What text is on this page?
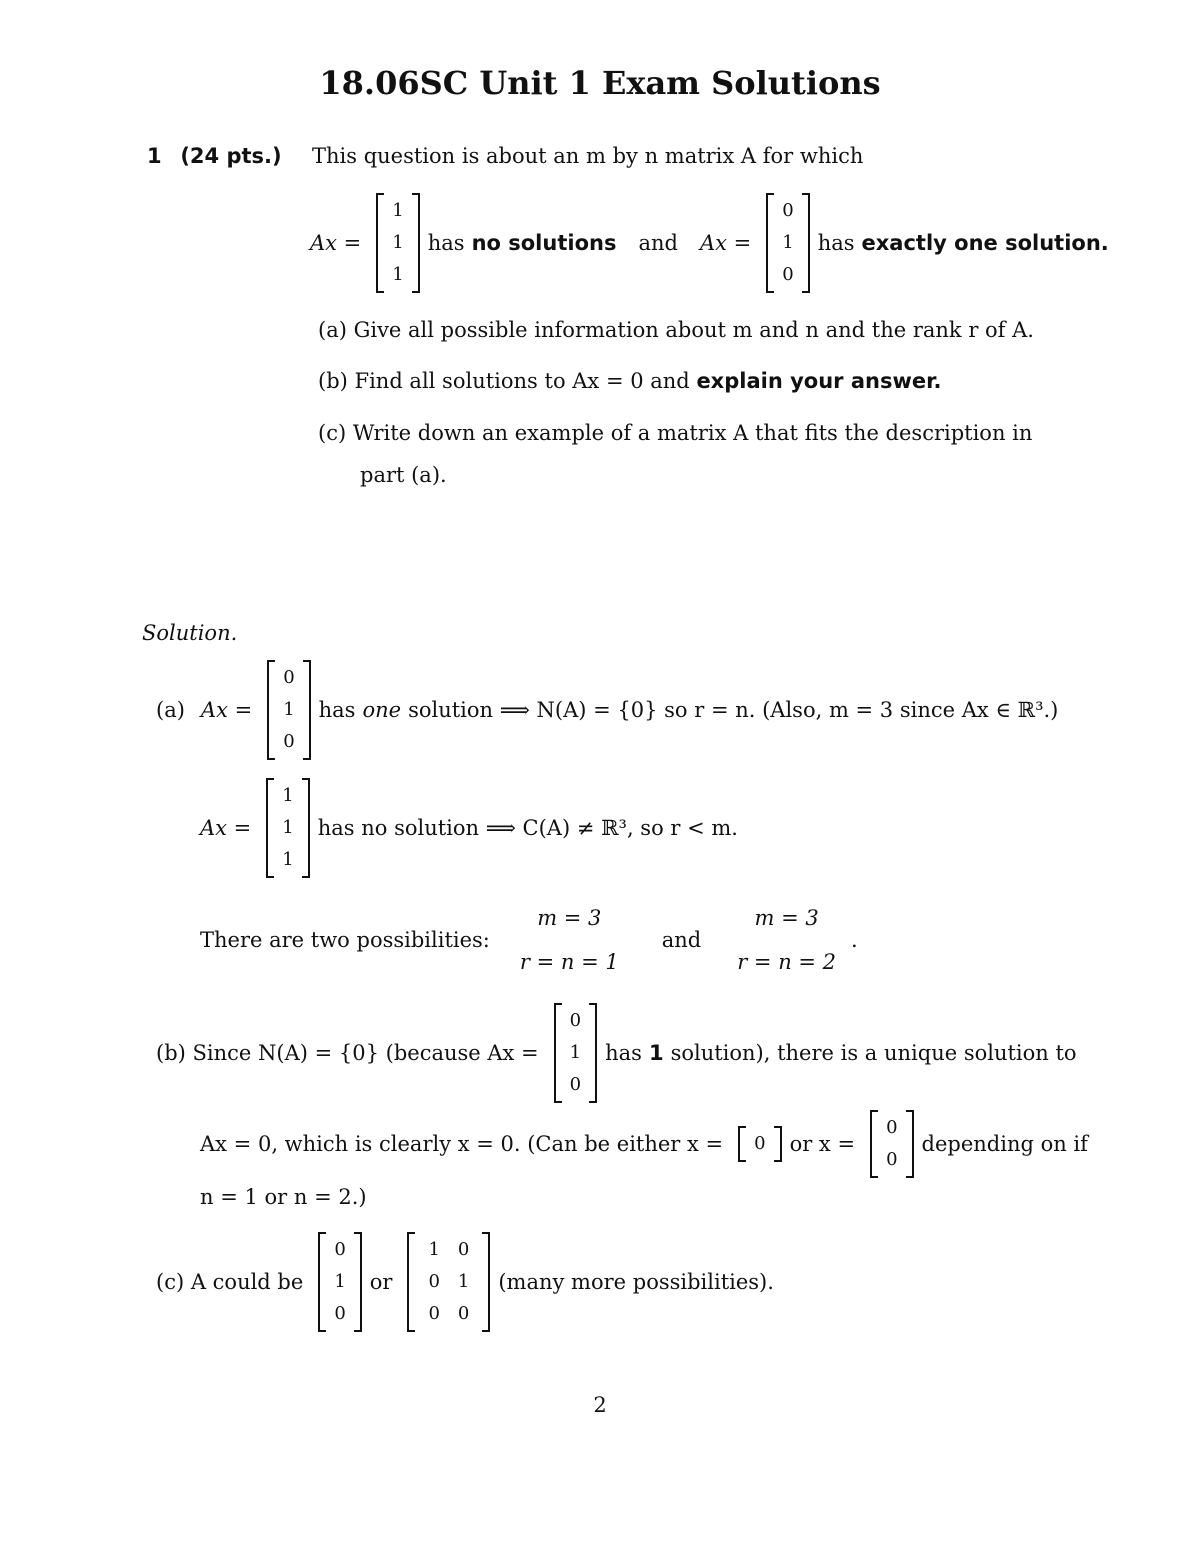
18.06SC Unit 1 Exam Solutions
1 (24 pts.) This question is about an m by n matrix A for which
Ax =
1
1
1
has no solutions and Ax =
0
1
0
has exactly one solution.
(a) Give all possible information about m and n and the rank r of A.
(b) Find all solutions to Ax = 0 and explain your answer.
(c) Write down an example of a matrix A that fits the description in
part (a).
Solution.
(a) Ax =
0
1
0
has one solution ⟹ N(A) = {0} so r = n. (Also, m = 3 since Ax ∈ ℝ³.)
Ax =
1
1
1
has no solution ⟹ C(A) ≠ ℝ³, so r < m.
There are two possibilities:
m = 3
r = n = 1
and
m = 3
r = n = 2
.
(b) Since N(A) = {0} (because Ax =
0
1
0
has 1 solution), there is a unique solution to
Ax = 0, which is clearly x = 0. (Can be either x = 0 or x =
0
0
depending on if
n = 1 or n = 2.)
(c) A could be
0
1
0
or
1
0
0
0
1
0
(many more possibilities).
2
